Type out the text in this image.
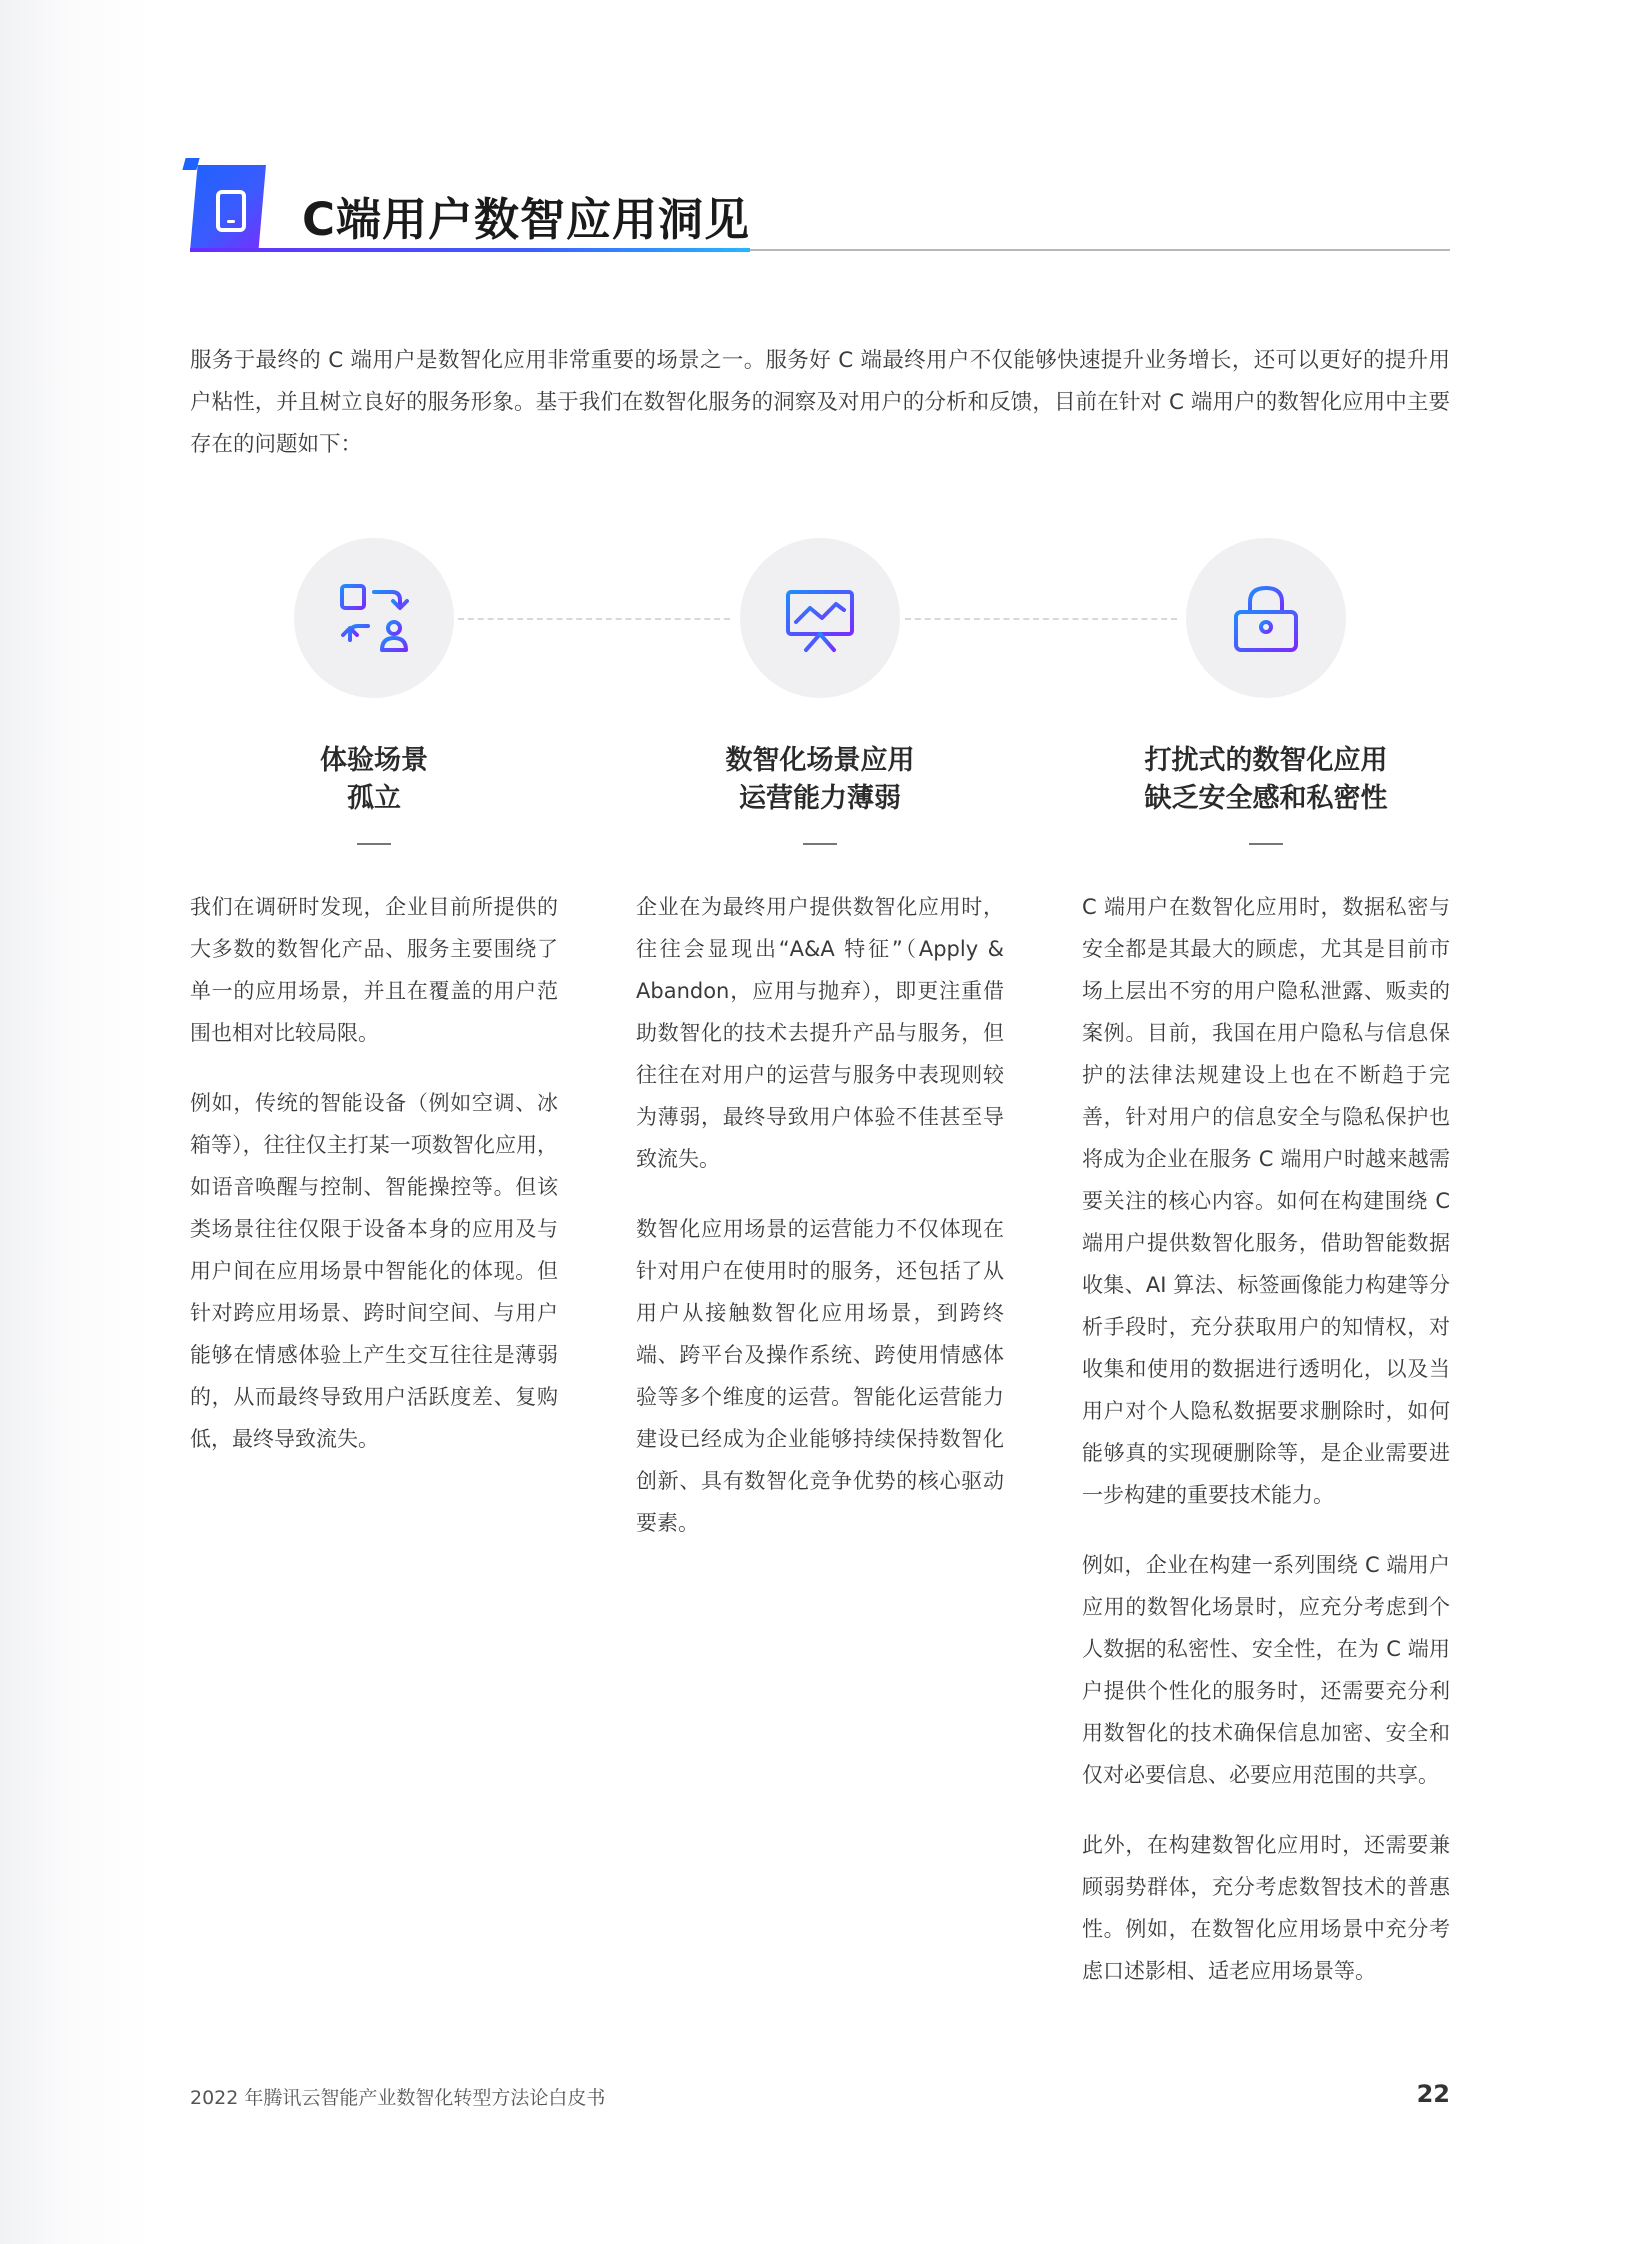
C端用户数智应用洞见
服务于最终的 C 端用户是数智化应用非常重要的场景之一。服务好 C 端最终用户不仅能够快速提升业务增长，还可以更好的提升用户粘性，并且树立良好的服务形象。基于我们在数智化服务的洞察及对用户的分析和反馈，目前在针对 C 端用户的数智化应用中主要存在的问题如下：
体验场景
孤立

我们在调研时发现，企业目前所提供的大多数的数智化产品、服务主要围绕了单一的应用场景，并且在覆盖的用户范围也相对比较局限。

例如，传统的智能设备（例如空调、冰箱等），往往仅主打某一项数智化应用，如语音唤醒与控制、智能操控等。但该类场景往往仅限于设备本身的应用及与用户间在应用场景中智能化的体现。但针对跨应用场景、跨时间空间、与用户能够在情感体验上产生交互往往是薄弱的，从而最终导致用户活跃度差、复购低，最终导致流失。

数智化场景应用
运营能力薄弱

企业在为最终用户提供数智化应用时，往往会显现出“A&A 特征”（Apply & Abandon，应用与抛弃），即更注重借助数智化的技术去提升产品与服务，但往往在对用户的运营与服务中表现则较为薄弱，最终导致用户体验不佳甚至导致流失。

数智化应用场景的运营能力不仅体现在针对用户在使用时的服务，还包括了从用户从接触数智化应用场景，到跨终端、跨平台及操作系统、跨使用情感体验等多个维度的运营。智能化运营能力建设已经成为企业能够持续保持数智化创新、具有数智化竞争优势的核心驱动要素。

打扰式的数智化应用
缺乏安全感和私密性

C 端用户在数智化应用时，数据私密与安全都是其最大的顾虑，尤其是目前市场上层出不穷的用户隐私泄露、贩卖的案例。目前，我国在用户隐私与信息保护的法律法规建设上也在不断趋于完善，针对用户的信息安全与隐私保护也将成为企业在服务 C 端用户时越来越需要关注的核心内容。如何在构建围绕 C 端用户提供数智化服务，借助智能数据收集、AI 算法、标签画像能力构建等分析手段时，充分获取用户的知情权，对收集和使用的数据进行透明化，以及当用户对个人隐私数据要求删除时，如何能够真的实现硬删除等，是企业需要进一步构建的重要技术能力。

例如，企业在构建一系列围绕 C 端用户应用的数智化场景时，应充分考虑到个人数据的私密性、安全性，在为 C 端用户提供个性化的服务时，还需要充分利用数智化的技术确保信息加密、安全和仅对必要信息、必要应用范围的共享。

此外，在构建数智化应用时，还需要兼顾弱势群体，充分考虑数智技术的普惠性。例如，在数智化应用场景中充分考虑口述影相、适老应用场景等。

2022 年腾讯云智能产业数智化转型方法论白皮书	22
